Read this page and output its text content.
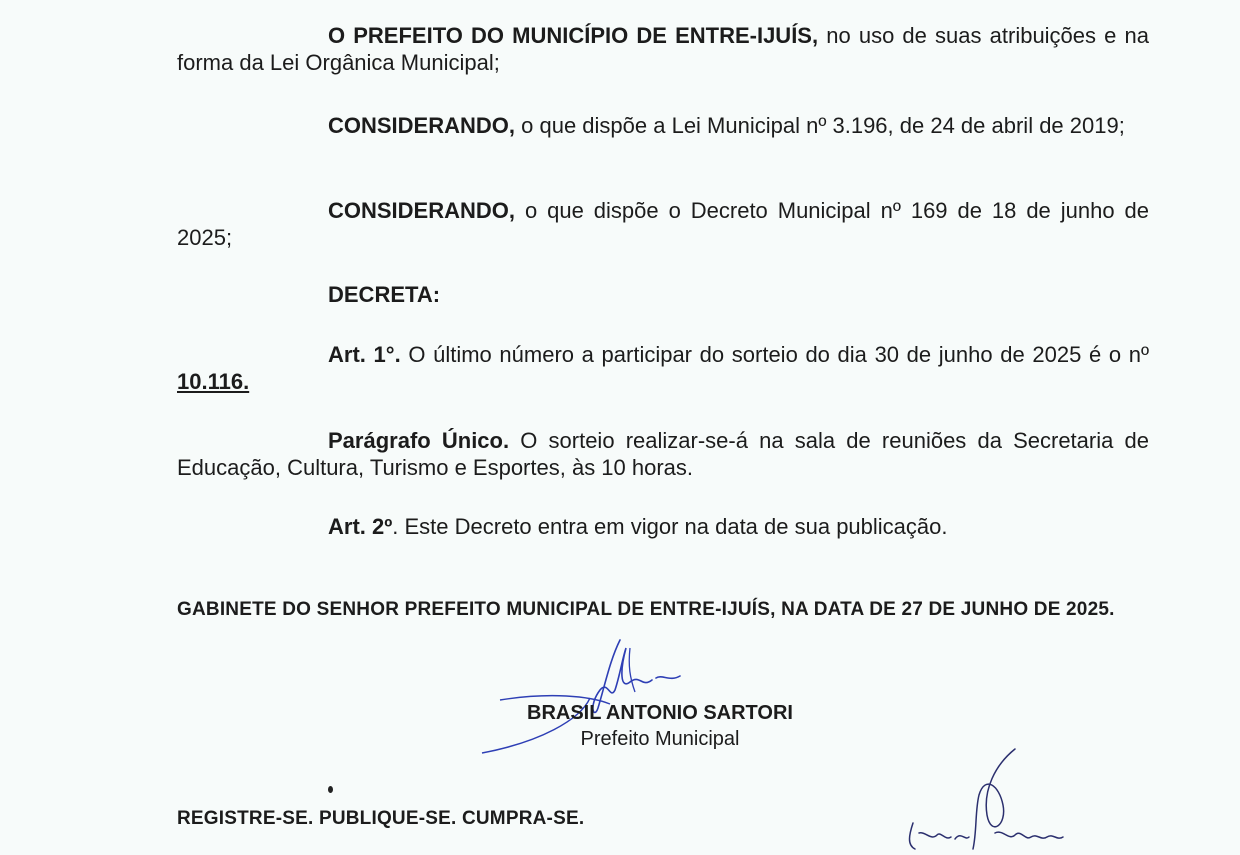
O PREFEITO DO MUNICÍPIO DE ENTRE-IJUÍS, no uso de suas atribuições e na forma da Lei Orgânica Municipal;
CONSIDERANDO, o que dispõe a Lei Municipal nº 3.196, de 24 de abril de 2019;
CONSIDERANDO, o que dispõe o Decreto Municipal nº 169 de 18 de junho de 2025;
DECRETA:
Art. 1°. O último número a participar do sorteio do dia 30 de junho de 2025 é o nº 10.116.
Parágrafo Único. O sorteio realizar-se-á na sala de reuniões da Secretaria de Educação, Cultura, Turismo e Esportes, às 10 horas.
Art. 2º. Este Decreto entra em vigor na data de sua publicação.
GABINETE DO SENHOR PREFEITO MUNICIPAL DE ENTRE-IJUÍS, NA DATA DE 27 DE JUNHO DE 2025.
BRASIL ANTONIO SARTORI
Prefeito Municipal
REGISTRE-SE. PUBLIQUE-SE. CUMPRA-SE.
